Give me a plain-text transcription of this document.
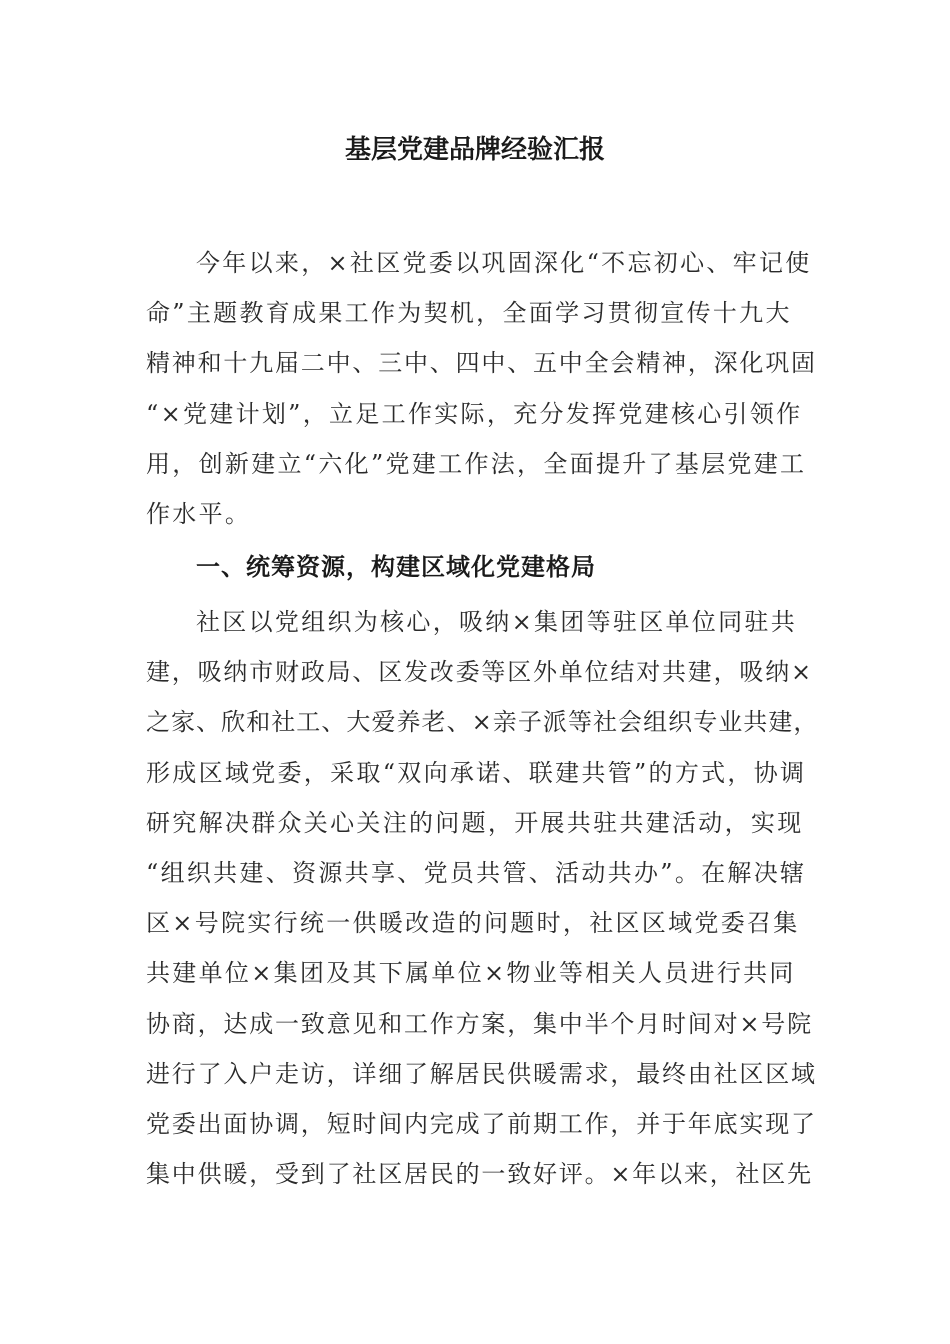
基层党建品牌经验汇报
今年以来，×社区党委以巩固深化“不忘初心、牢记使
命”主题教育成果工作为契机，全面学习贯彻宣传十九大
精神和十九届二中、三中、四中、五中全会精神，深化巩固
“×党建计划”，立足工作实际，充分发挥党建核心引领作
用，创新建立“六化”党建工作法，全面提升了基层党建工
作水平。
一、统筹资源，构建区域化党建格局
社区以党组织为核心，吸纳×集团等驻区单位同驻共
建，吸纳市财政局、区发改委等区外单位结对共建，吸纳×
之家、欣和社工、大爱养老、×亲子派等社会组织专业共建，
形成区域党委，采取“双向承诺、联建共管”的方式，协调
研究解决群众关心关注的问题，开展共驻共建活动，实现
“组织共建、资源共享、党员共管、活动共办”。在解决辖
区×号院实行统一供暖改造的问题时，社区区域党委召集
共建单位×集团及其下属单位×物业等相关人员进行共同
协商，达成一致意见和工作方案，集中半个月时间对×号院
进行了入户走访，详细了解居民供暖需求，最终由社区区域
党委出面协调，短时间内完成了前期工作，并于年底实现了
集中供暖，受到了社区居民的一致好评。×年以来，社区先
